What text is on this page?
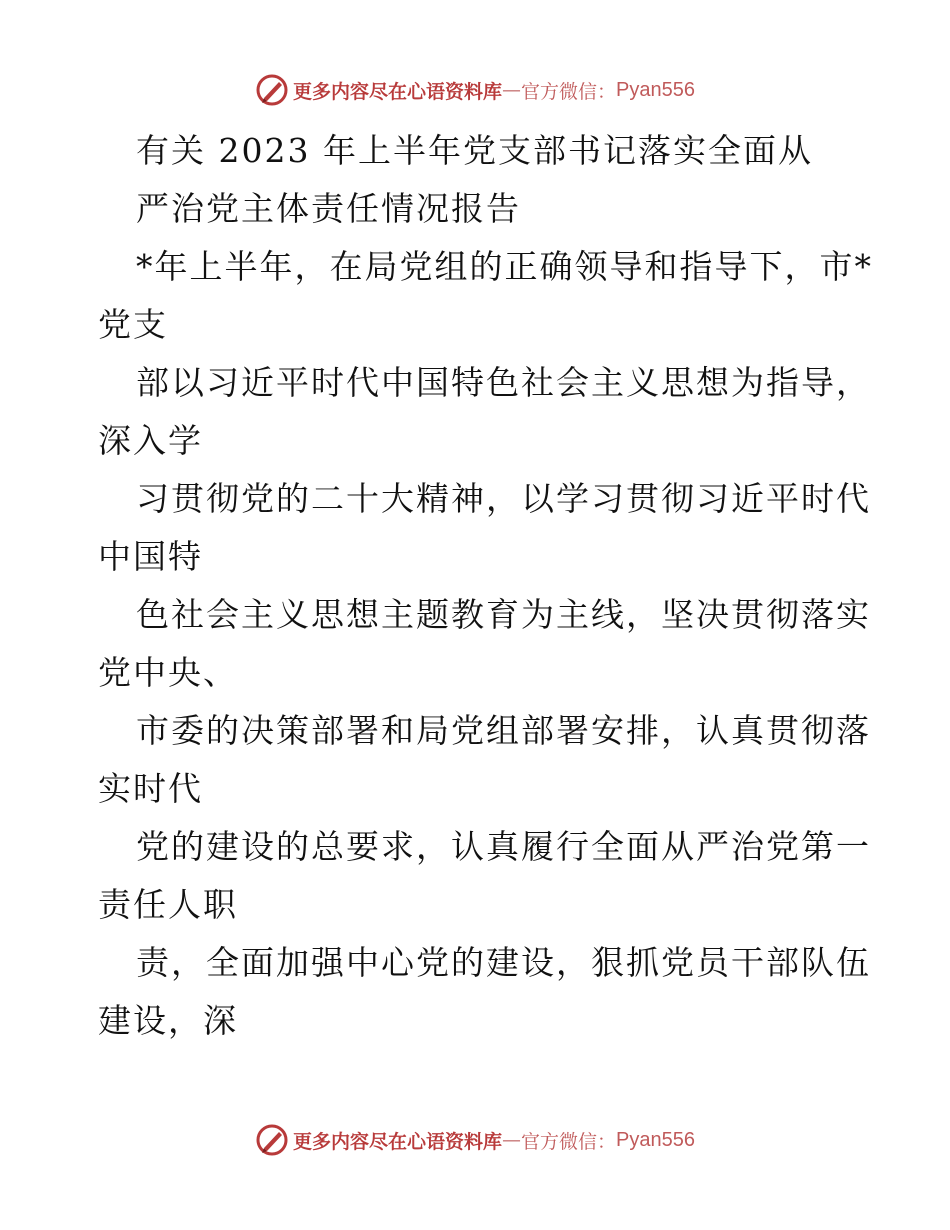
更多内容尽在心语资料库 — 官方微信： Pyan556
有关 2023 年上半年党支部书记落实全面从
严治党主体责任情况报告
*年上半年，在局党组的正确领导和指导下，市*
党支
部以习近平时代中国特色社会主义思想为指导，
深入学
习贯彻党的二十大精神，以学习贯彻习近平时代
中国特
色社会主义思想主题教育为主线，坚决贯彻落实
党中央、
市委的决策部署和局党组部署安排，认真贯彻落
实时代
党的建设的总要求，认真履行全面从严治党第一
责任人职
责，全面加强中心党的建设，狠抓党员干部队伍
建设，深
更多内容尽在心语资料库 — 官方微信： Pyan556
